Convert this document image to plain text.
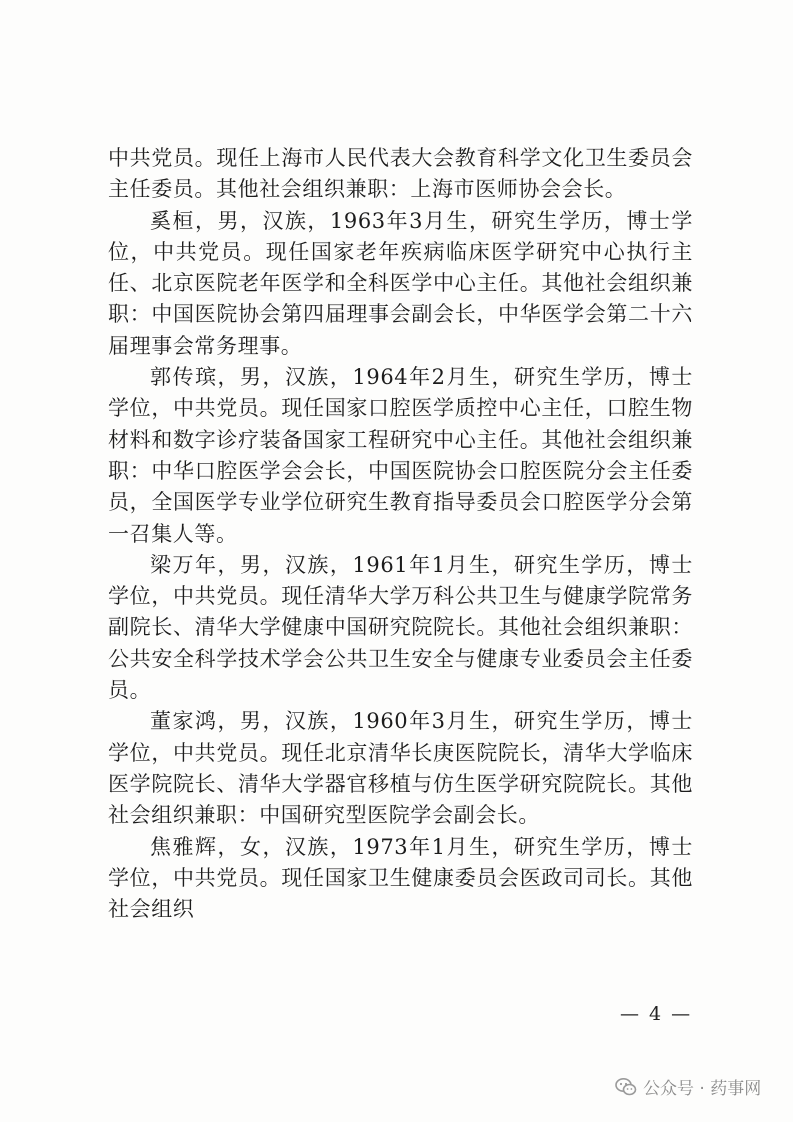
中共党员。现任上海市人民代表大会教育科学文化卫生委员会主任委员。其他社会组织兼职：上海市医师协会会长。

奚桓，男，汉族，1963年3月生，研究生学历，博士学位，中共党员。现任国家老年疾病临床医学研究中心执行主任、北京医院老年医学和全科医学中心主任。其他社会组织兼职：中国医院协会第四届理事会副会长，中华医学会第二十六届理事会常务理事。

郭传瑸，男，汉族，1964年2月生，研究生学历，博士学位，中共党员。现任国家口腔医学质控中心主任，口腔生物材料和数字诊疗装备国家工程研究中心主任。其他社会组织兼职：中华口腔医学会会长，中国医院协会口腔医院分会主任委员，全国医学专业学位研究生教育指导委员会口腔医学分会第一召集人等。

梁万年，男，汉族，1961年1月生，研究生学历，博士学位，中共党员。现任清华大学万科公共卫生与健康学院常务副院长、清华大学健康中国研究院院长。其他社会组织兼职：公共安全科学技术学会公共卫生安全与健康专业委员会主任委员。

董家鸿，男，汉族，1960年3月生，研究生学历，博士学位，中共党员。现任北京清华长庚医院院长，清华大学临床医学院院长、清华大学器官移植与仿生医学研究院院长。其他社会组织兼职：中国研究型医院学会副会长。

焦雅辉，女，汉族，1973年1月生，研究生学历，博士学位，中共党员。现任国家卫生健康委员会医政司司长。其他社会组织

— 4 —
公众号 · 药事网
